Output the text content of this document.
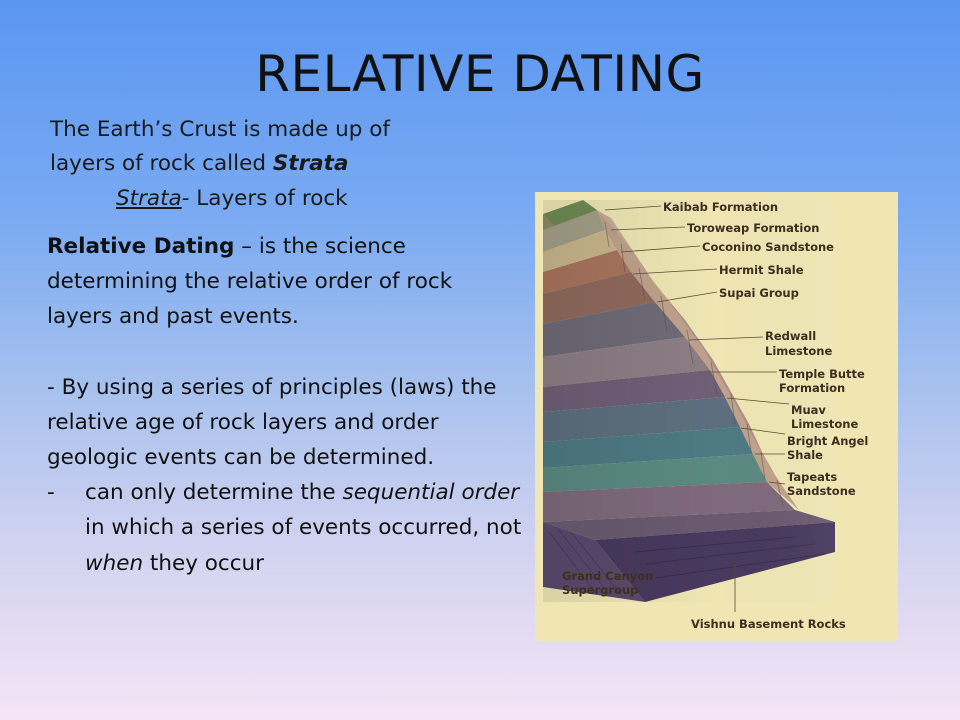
RELATIVE DATING
The Earth’s Crust is made up of
layers of rock called Strata
Strata- Layers of rock

Relative Dating – is the science determining the relative order of rock layers and past events.

- By using a series of principles (laws) the relative age of rock layers and order geologic events can be determined.

-	can only determine the sequential order in which a series of events occurred, not when they occur
Kaibab Formation
Toroweap Formation
Coconino Sandstone
Hermit Shale
Supai Group
Redwall
Limestone
Temple Butte
Formation
Muav
Limestone
Bright Angel
Shale
Tapeats
Sandstone
Grand Canyon
Supergroup
Vishnu Basement Rocks
